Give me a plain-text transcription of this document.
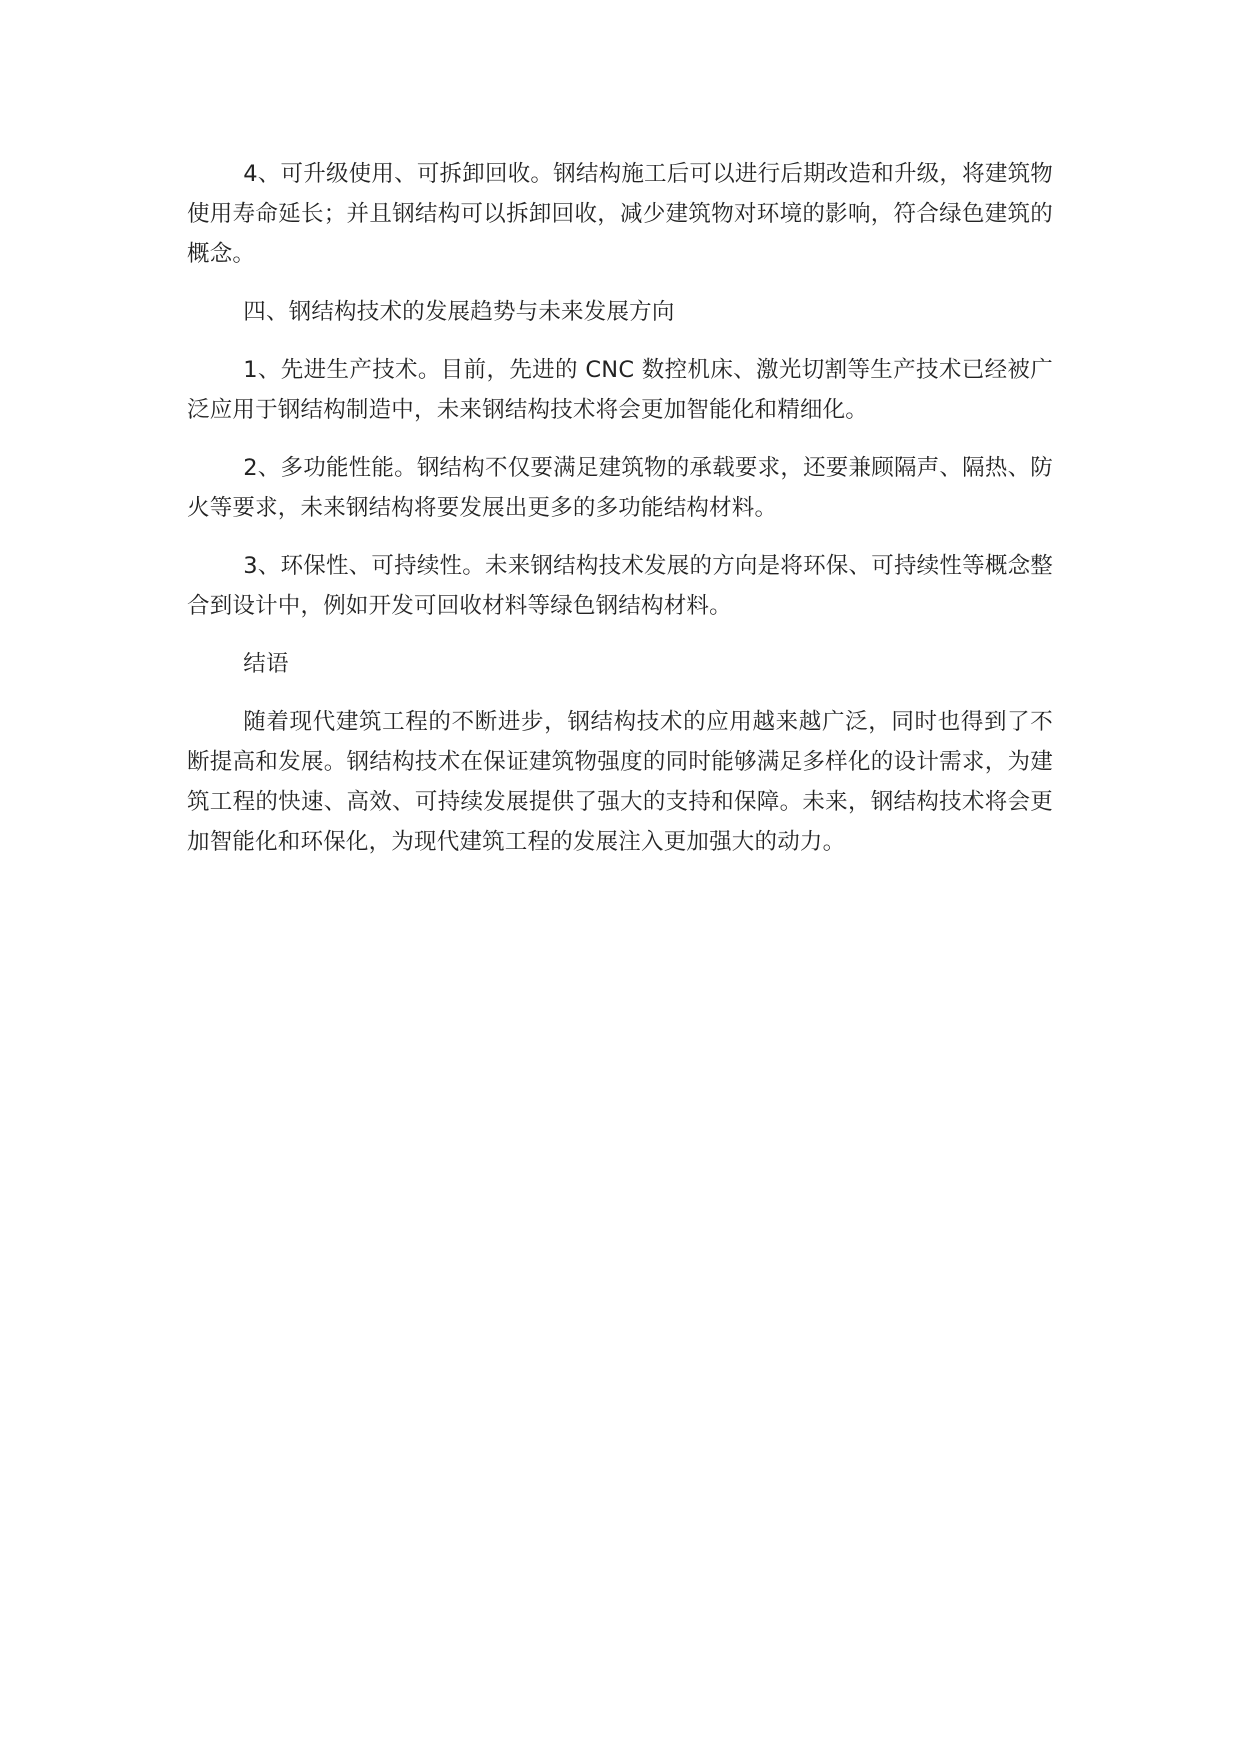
4、可升级使用、可拆卸回收。钢结构施工后可以进行后期改造和升级，将建筑物使用寿命延长；并且钢结构可以拆卸回收，减少建筑物对环境的影响，符合绿色建筑的概念。

四、钢结构技术的发展趋势与未来发展方向

1、先进生产技术。目前，先进的 CNC 数控机床、激光切割等生产技术已经被广泛应用于钢结构制造中，未来钢结构技术将会更加智能化和精细化。

2、多功能性能。钢结构不仅要满足建筑物的承载要求，还要兼顾隔声、隔热、防火等要求，未来钢结构将要发展出更多的多功能结构材料。

3、环保性、可持续性。未来钢结构技术发展的方向是将环保、可持续性等概念整合到设计中，例如开发可回收材料等绿色钢结构材料。

结语

随着现代建筑工程的不断进步，钢结构技术的应用越来越广泛，同时也得到了不断提高和发展。钢结构技术在保证建筑物强度的同时能够满足多样化的设计需求，为建筑工程的快速、高效、可持续发展提供了强大的支持和保障。未来，钢结构技术将会更加智能化和环保化，为现代建筑工程的发展注入更加强大的动力。
